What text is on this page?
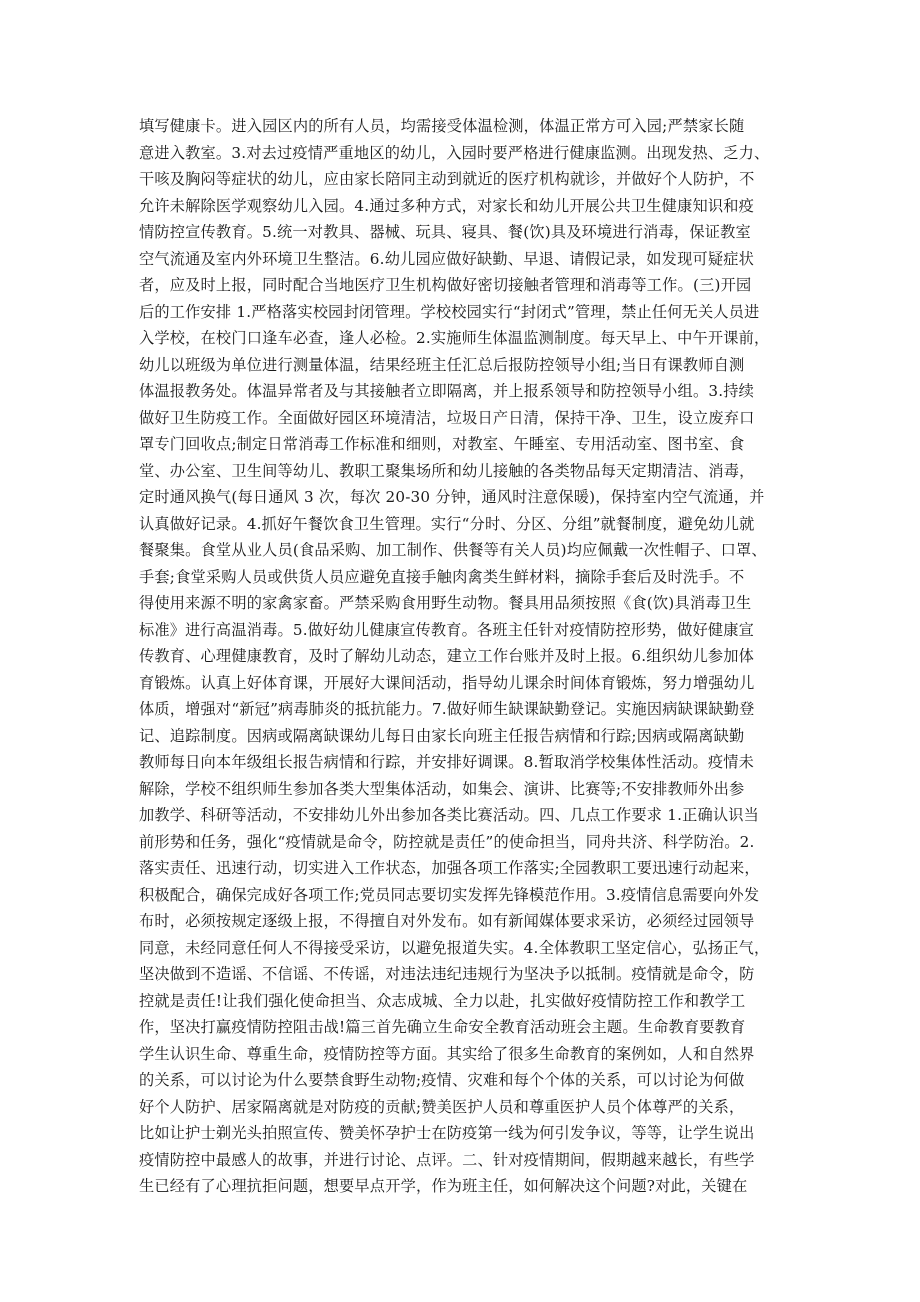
填写健康卡。进入园区内的所有人员，均需接受体温检测，体温正常方可入园;严禁家长随
意进入教室。3.对去过疫情严重地区的幼儿，入园时要严格进行健康监测。出现发热、乏力、
干咳及胸闷等症状的幼儿，应由家长陪同主动到就近的医疗机构就诊，并做好个人防护，不
允许未解除医学观察幼儿入园。4.通过多种方式，对家长和幼儿开展公共卫生健康知识和疫
情防控宣传教育。5.统一对教具、器械、玩具、寝具、餐(饮)具及环境进行消毒，保证教室
空气流通及室内外环境卫生整洁。6.幼儿园应做好缺勤、早退、请假记录，如发现可疑症状
者，应及时上报，同时配合当地医疗卫生机构做好密切接触者管理和消毒等工作。(三)开园
后的工作安排 1.严格落实校园封闭管理。学校校园实行“封闭式”管理，禁止任何无关人员进
入学校，在校门口逢车必查，逢人必检。2.实施师生体温监测制度。每天早上、中午开课前，
幼儿以班级为单位进行测量体温，结果经班主任汇总后报防控领导小组;当日有课教师自测
体温报教务处。体温异常者及与其接触者立即隔离，并上报系领导和防控领导小组。3.持续
做好卫生防疫工作。全面做好园区环境清洁，垃圾日产日清，保持干净、卫生，设立废弃口
罩专门回收点;制定日常消毒工作标准和细则，对教室、午睡室、专用活动室、图书室、食
堂、办公室、卫生间等幼儿、教职工聚集场所和幼儿接触的各类物品每天定期清洁、消毒，
定时通风换气(每日通风 3 次，每次 20-30 分钟，通风时注意保暖)，保持室内空气流通，并
认真做好记录。4.抓好午餐饮食卫生管理。实行“分时、分区、分组”就餐制度，避免幼儿就
餐聚集。食堂从业人员(食品采购、加工制作、供餐等有关人员)均应佩戴一次性帽子、口罩、
手套;食堂采购人员或供货人员应避免直接手触肉禽类生鲜材料，摘除手套后及时洗手。不
得使用来源不明的家禽家畜。严禁采购食用野生动物。餐具用品须按照《食(饮)具消毒卫生
标准》进行高温消毒。5.做好幼儿健康宣传教育。各班主任针对疫情防控形势，做好健康宣
传教育、心理健康教育，及时了解幼儿动态，建立工作台账并及时上报。6.组织幼儿参加体
育锻炼。认真上好体育课，开展好大课间活动，指导幼儿课余时间体育锻炼，努力增强幼儿
体质，增强对“新冠”病毒肺炎的抵抗能力。7.做好师生缺课缺勤登记。实施因病缺课缺勤登
记、追踪制度。因病或隔离缺课幼儿每日由家长向班主任报告病情和行踪;因病或隔离缺勤
教师每日向本年级组长报告病情和行踪，并安排好调课。8.暂取消学校集体性活动。疫情未
解除，学校不组织师生参加各类大型集体活动，如集会、演讲、比赛等;不安排教师外出参
加教学、科研等活动，不安排幼儿外出参加各类比赛活动。四、几点工作要求 1.正确认识当
前形势和任务，强化“疫情就是命令，防控就是责任”的使命担当，同舟共济、科学防治。2.
落实责任、迅速行动，切实进入工作状态，加强各项工作落实;全园教职工要迅速行动起来，
积极配合，确保完成好各项工作;党员同志要切实发挥先锋模范作用。3.疫情信息需要向外发
布时，必须按规定逐级上报，不得擅自对外发布。如有新闻媒体要求采访，必须经过园领导
同意，未经同意任何人不得接受采访，以避免报道失实。4.全体教职工坚定信心，弘扬正气，
坚决做到不造谣、不信谣、不传谣，对违法违纪违规行为坚决予以抵制。疫情就是命令，防
控就是责任!让我们强化使命担当、众志成城、全力以赴，扎实做好疫情防控工作和教学工
作，坚决打赢疫情防控阻击战!篇三首先确立生命安全教育活动班会主题。生命教育要教育
学生认识生命、尊重生命，疫情防控等方面。其实给了很多生命教育的案例如，人和自然界
的关系，可以讨论为什么要禁食野生动物;疫情、灾难和每个个体的关系，可以讨论为何做
好个人防护、居家隔离就是对防疫的贡献;赞美医护人员和尊重医护人员个体尊严的关系，
比如让护士剃光头拍照宣传、赞美怀孕护士在防疫第一线为何引发争议，等等，让学生说出
疫情防控中最感人的故事，并进行讨论、点评。二、针对疫情期间，假期越来越长，有些学
生已经有了心理抗拒问题，想要早点开学，作为班主任，如何解决这个问题?对此，关键在
